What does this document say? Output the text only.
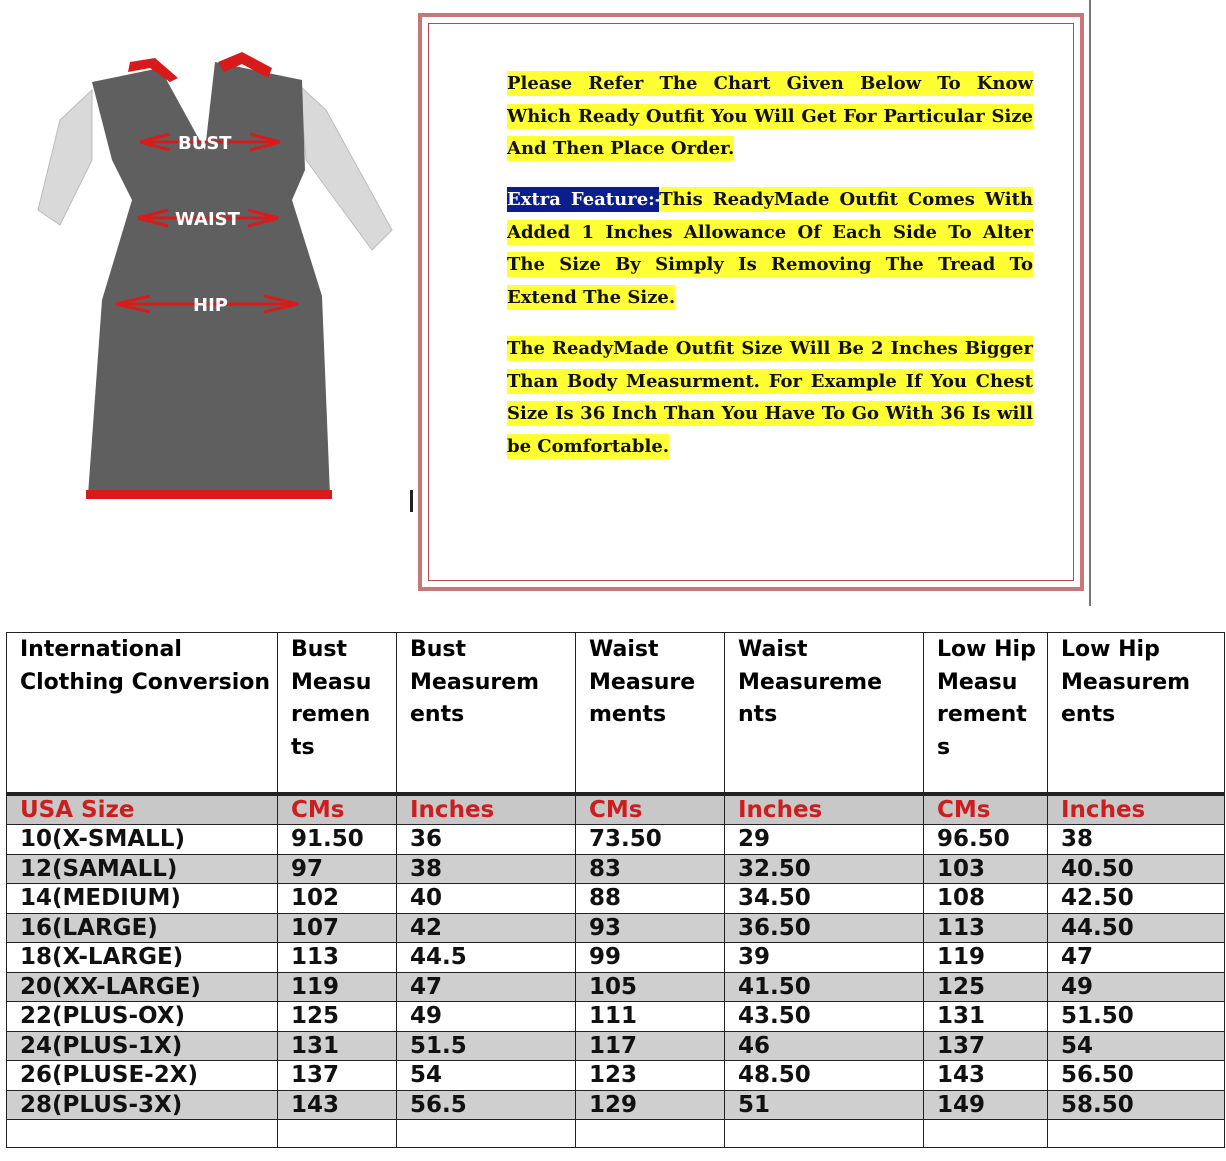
BUST
WAIST
HIP
Please Refer The Chart Given Below To Know Which Ready Outfit You Will Get For Particular Size And Then Place Order.
Extra Feature:-This ReadyMade Outfit Comes With Added 1 Inches Allowance Of Each Side To Alter The Size By Simply Is Removing The Tread To Extend The Size.
The ReadyMade Outfit Size Will Be 2 Inches Bigger Than Body Measurment. For Example If You Chest Size Is 36 Inch Than You Have To Go With 36 Is will be Comfortable.
International Clothing Conversion	Bust Measu remen ts	Bust Measurem ents	Waist Measure ments	Waist Measureme nts	Low Hip Measu rement s	Low Hip Measurem ents
USA Size	CMs	Inches	CMs	Inches	CMs	Inches
10(X-SMALL)	91.50	36	73.50	29	96.50	38
12(SAMALL)	97	38	83	32.50	103	40.50
14(MEDIUM)	102	40	88	34.50	108	42.50
16(LARGE)	107	42	93	36.50	113	44.50
18(X-LARGE)	113	44.5	99	39	119	47
20(XX-LARGE)	119	47	105	41.50	125	49
22(PLUS-OX)	125	49	111	43.50	131	51.50
24(PLUS-1X)	131	51.5	117	46	137	54
26(PLUSE-2X)	137	54	123	48.50	143	56.50
28(PLUS-3X)	143	56.5	129	51	149	58.50
